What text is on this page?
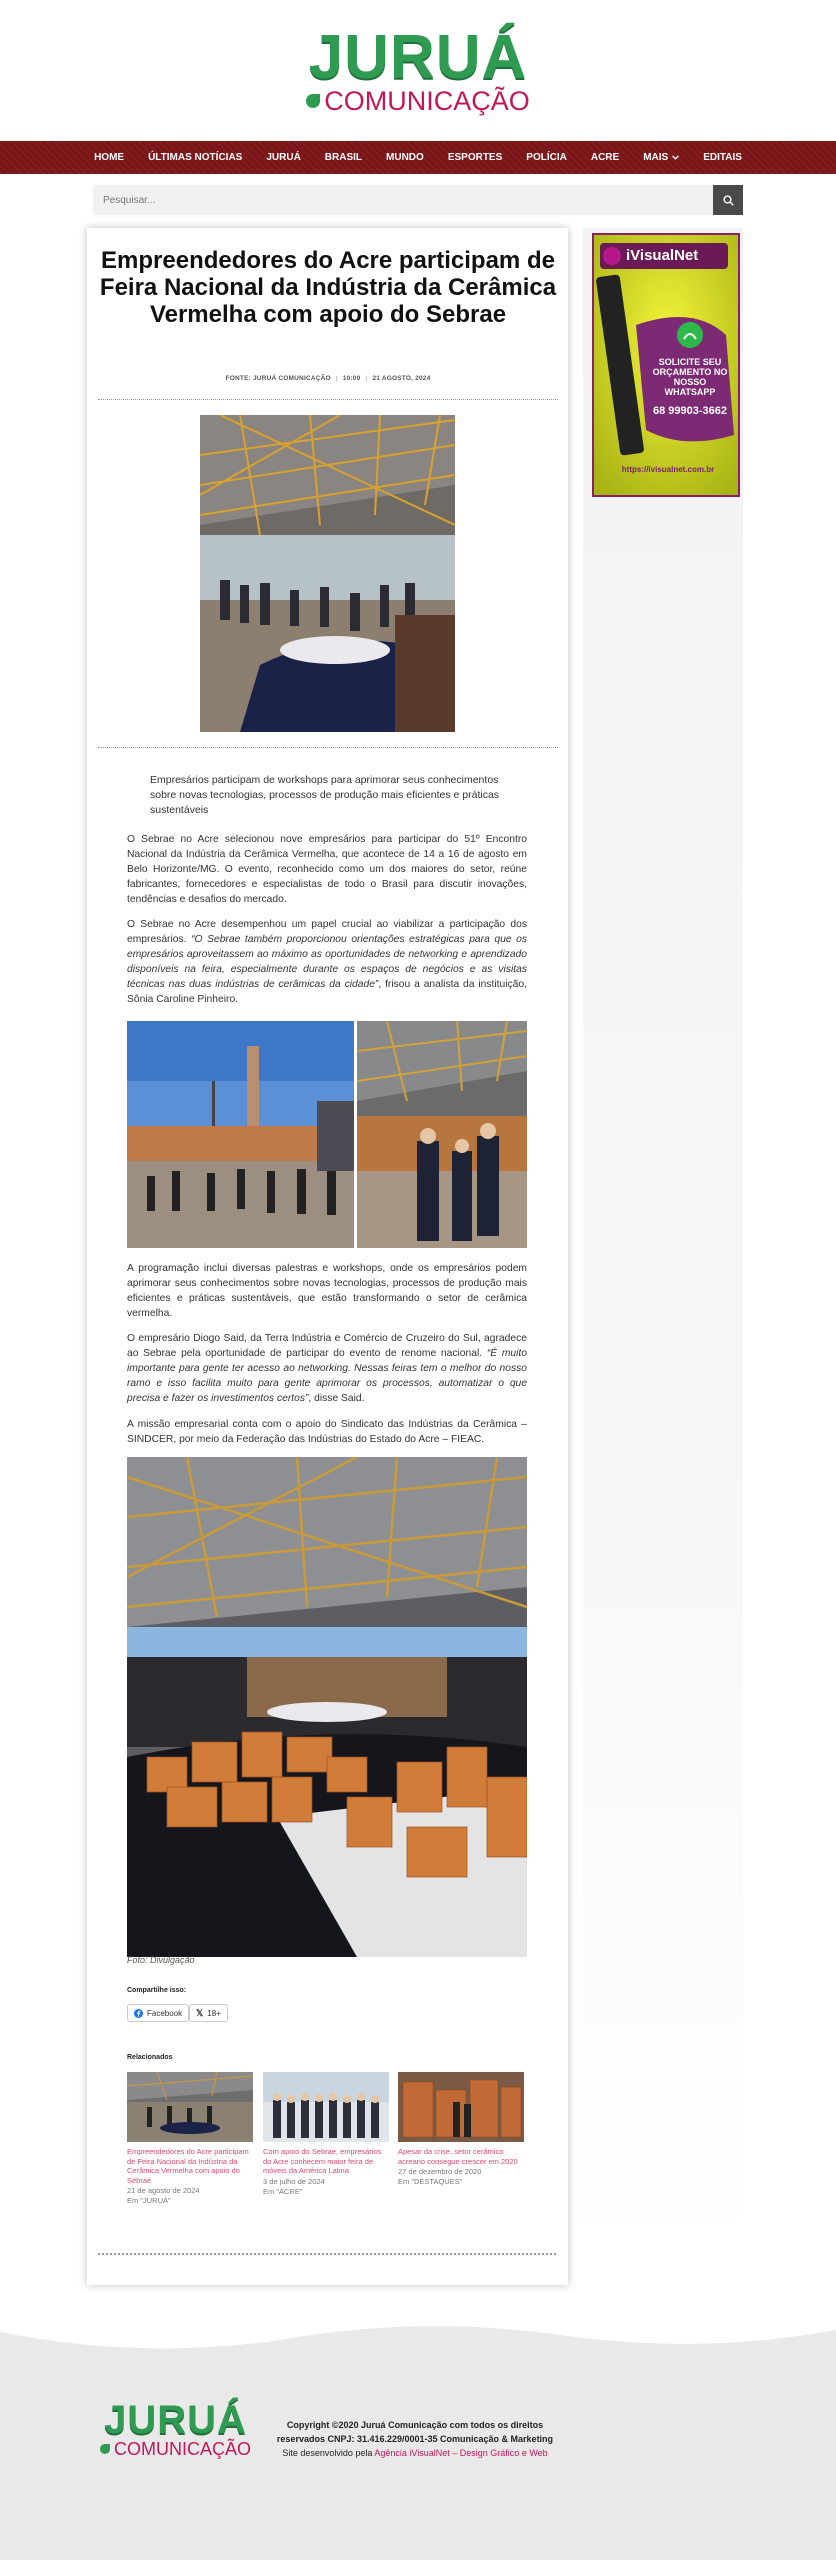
JURUÁ
COMUNICAÇÃO
HOME	ÚLTIMAS NOTÍCIAS	JURUÁ	BRASIL	MUNDO	ESPORTES	POLÍCIA	ACRE	MAIS	EDITAIS
Pesquisar...
iVisualNet
SOLICITE SEU ORÇAMENTO NO NOSSO WHATSAPP
68 99903-3662
https://ivisualnet.com.br
Empreendedores do Acre participam de Feira Nacional da Indústria da Cerâmica Vermelha com apoio do Sebrae
FONTE: JURUÁ COMUNICAÇÃO | 10:00 | 21 AGOSTO, 2024

Empresários participam de workshops para aprimorar seus conhecimentos sobre novas tecnologias, processos de produção mais eficientes e práticas sustentáveis

O Sebrae no Acre selecionou nove empresários para participar do 51º Encontro Nacional da Indústria da Cerâmica Vermelha, que acontece de 14 a 16 de agosto em Belo Horizonte/MG. O evento, reconhecido como um dos maiores do setor, reúne fabricantes, fornecedores e especialistas de todo o Brasil para discutir inovações, tendências e desafios do mercado.

O Sebrae no Acre desempenhou um papel crucial ao viabilizar a participação dos empresários. “O Sebrae também proporcionou orientações estratégicas para que os empresários aproveitassem ao máximo as oportunidades de networking e aprendizado disponíveis na feira, especialmente durante os espaços de negócios e as visitas técnicas nas duas indústrias de cerâmicas da cidade”, frisou a analista da instituição, Sônia Caroline Pinheiro.

A programação inclui diversas palestras e workshops, onde os empresários podem aprimorar seus conhecimentos sobre novas tecnologias, processos de produção mais eficientes e práticas sustentáveis, que estão transformando o setor de cerâmica vermelha.

O empresário Diogo Said, da Terra Indústria e Comércio de Cruzeiro do Sul, agradece ao Sebrae pela oportunidade de participar do evento de renome nacional. “É muito importante para gente ter acesso ao networking. Nessas feiras tem o melhor do nosso ramo e isso facilita muito para gente aprimorar os processos, automatizar o que precisa e fazer os investimentos certos”, disse Said.

A missão empresarial conta com o apoio do Sindicato das Indústrias da Cerâmica – SINDCER, por meio da Federação das Indústrias do Estado do Acre – FIEAC.

Foto: Divulgação

Compartilhe isso:

Facebook 𝕏 18+

Relacionados

Empreendedores do Acre participam de Feira Nacional da Indústria da Cerâmica Vermelha com apoio do Sebrae
21 de agosto de 2024
Em "JURUÁ"
Com apoio do Sebrae, empresários do Acre conhecem maior feira de móveis da América Latina
3 de julho de 2024
Em "ACRE"
Apesar da crise, setor cerâmico acreano consegue crescer em 2020
27 de dezembro de 2020
Em "DESTAQUES"
JURUÁ
COMUNICAÇÃO

Copyright ©2020 Juruá Comunicação com todos os direitos reservados CNPJ: 31.416.229/0001-35 Comunicação & Marketing

Site desenvolvido pela Agência iVisualNet – Design Gráfico e Web
